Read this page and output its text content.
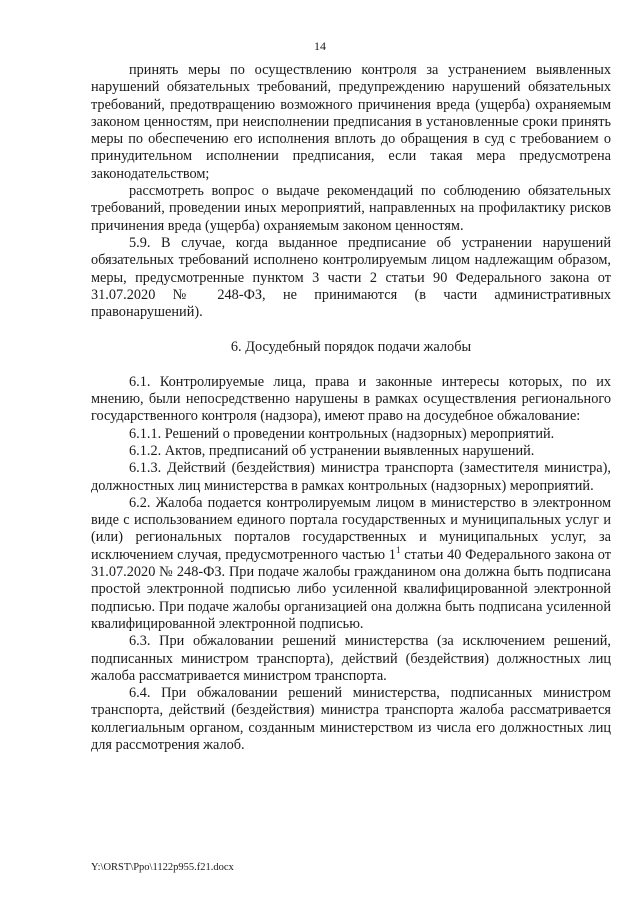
14

принять меры по осуществлению контроля за устранением выявленных нарушений обязательных требований, предупреждению нарушений обязательных требований, предотвращению возможного причинения вреда (ущерба) охраняемым законом ценностям, при неисполнении предписания в установленные сроки принять меры по обеспечению его исполнения вплоть до обращения в суд с требованием о принудительном исполнении предписания, если такая мера предусмотрена законодательством;

рассмотреть вопрос о выдаче рекомендаций по соблюдению обязательных требований, проведении иных мероприятий, направленных на профилактику рисков причинения вреда (ущерба) охраняемым законом ценностям.

5.9. В случае, когда выданное предписание об устранении нарушений обязательных требований исполнено контролируемым лицом надлежащим образом, меры, предусмотренные пунктом 3 части 2 статьи 90 Федерального закона от 31.07.2020 № 248-ФЗ, не принимаются (в части административных правонарушений).

6. Досудебный порядок подачи жалобы

6.1. Контролируемые лица, права и законные интересы которых, по их мнению, были непосредственно нарушены в рамках осуществления регионального государственного контроля (надзора), имеют право на досудебное обжалование:

6.1.1. Решений о проведении контрольных (надзорных) мероприятий.

6.1.2. Актов, предписаний об устранении выявленных нарушений.

6.1.3. Действий (бездействия) министра транспорта (заместителя министра), должностных лиц министерства в рамках контрольных (надзорных) мероприятий.

6.2. Жалоба подается контролируемым лицом в министерство в электронном виде с использованием единого портала государственных и муниципальных услуг и (или) региональных порталов государственных и муниципальных услуг, за исключением случая, предусмотренного частью $1^1$ статьи 40 Федерального закона от 31.07.2020 № 248-ФЗ. При подаче жалобы гражданином она должна быть подписана простой электронной подписью либо усиленной квалифицированной электронной подписью. При подаче жалобы организацией она должна быть подписана усиленной квалифицированной электронной подписью.

6.3. При обжаловании решений министерства (за исключением решений, подписанных министром транспорта), действий (бездействия) должностных лиц жалоба рассматривается министром транспорта.

6.4. При обжаловании решений министерства, подписанных министром транспорта, действий (бездействия) министра транспорта жалоба рассматривается коллегиальным органом, созданным министерством из числа его должностных лиц для рассмотрения жалоб.

Y:\ORST\Ppo\1122p955.f21.docx
